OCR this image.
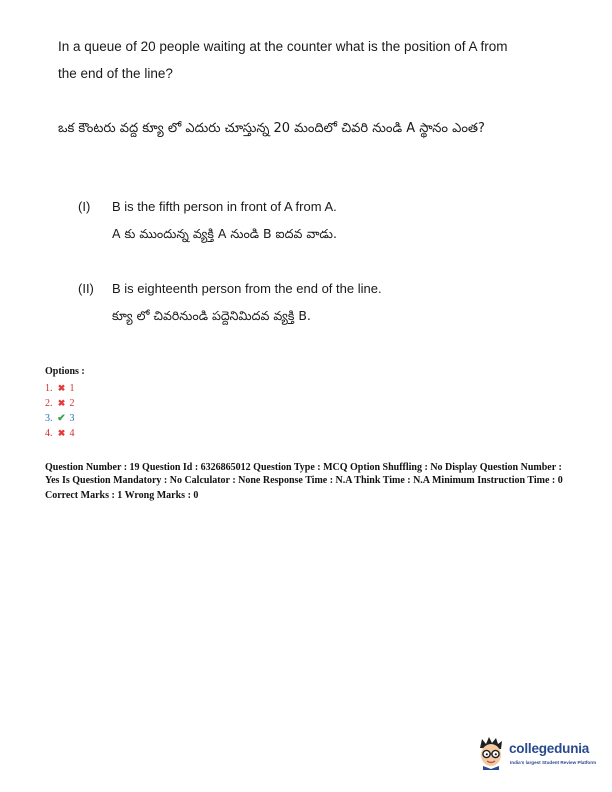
In a queue of 20 people waiting at the counter what is the position of A from the end of the line?

ఒక కౌంటరు వద్ద క్యూ లో ఎదురు చూస్తున్న 20 మందిలో చివరి నుండి A స్థానం ఎంత?

(I)	B is the fifth person in front of A from A.
A కు ముందున్న వ్యక్తి A నుండి B ఐదవ వాడు.
(II)	B is eighteenth person from the end of the line.
క్యూ లో చివరినుండి పద్దెనిమిదవ వ్యక్తి B.
Options :
1. ✖ 1
2. ✖ 2
3. ✔ 3
4. ✖ 4
Question Number : 19 Question Id : 6326865012 Question Type : MCQ Option Shuffling : No Display Question Number : Yes Is Question Mandatory : No Calculator : None Response Time : N.A Think Time : N.A Minimum Instruction Time : 0
Correct Marks : 1 Wrong Marks : 0
collegedunia
India's largest Student Review Platform
